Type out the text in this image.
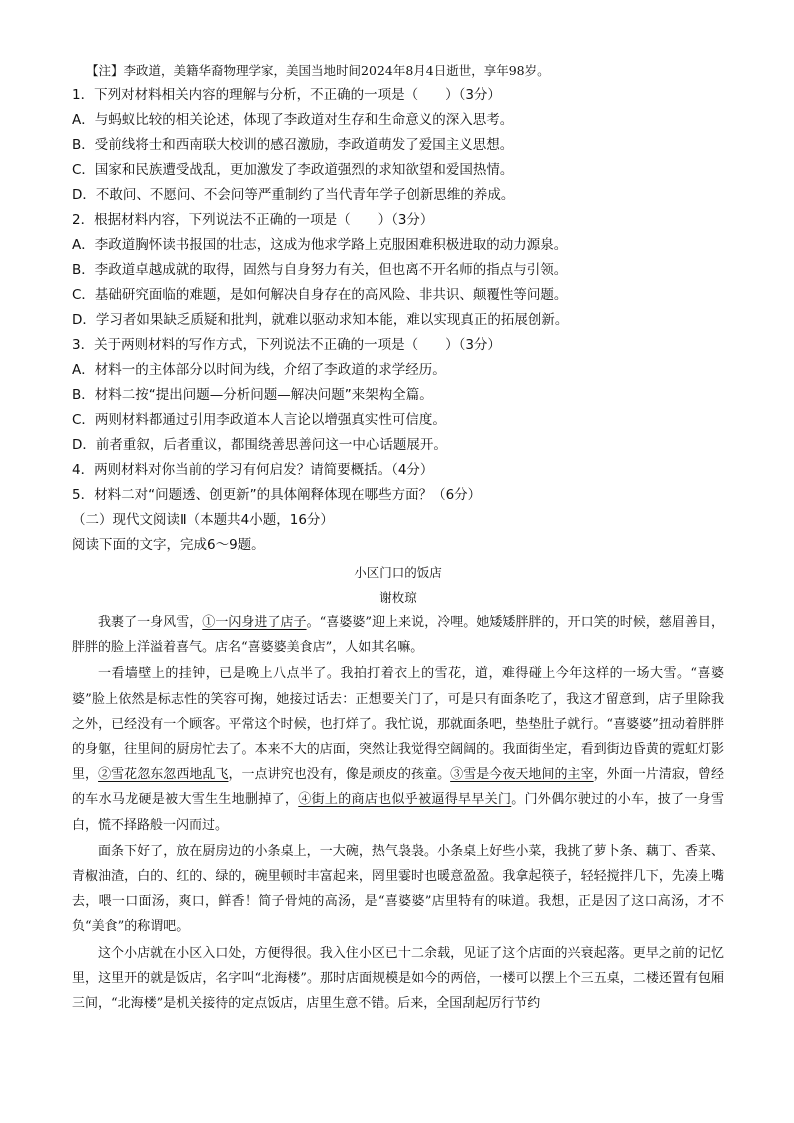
【注】李政道，美籍华裔物理学家，美国当地时间2024年8月4日逝世，享年98岁。
1．下列对材料相关内容的理解与分析，不正确的一项是（　　）（3分）
A．与蚂蚁比较的相关论述，体现了李政道对生存和生命意义的深入思考。
B．受前线将士和西南联大校训的感召激励，李政道萌发了爱国主义思想。
C．国家和民族遭受战乱，更加激发了李政道强烈的求知欲望和爱国热情。
D．不敢问、不愿问、不会问等严重制约了当代青年学子创新思维的养成。
2．根据材料内容，下列说法不正确的一项是（　　）（3分）
A．李政道胸怀读书报国的壮志，这成为他求学路上克服困难积极进取的动力源泉。
B．李政道卓越成就的取得，固然与自身努力有关，但也离不开名师的指点与引领。
C．基础研究面临的难题，是如何解决自身存在的高风险、非共识、颠覆性等问题。
D．学习者如果缺乏质疑和批判，就难以驱动求知本能，难以实现真正的拓展创新。
3．关于两则材料的写作方式，下列说法不正确的一项是（　　）（3分）
A．材料一的主体部分以时间为线，介绍了李政道的求学经历。
B．材料二按“提出问题—分析问题—解决问题”来架构全篇。
C．两则材料都通过引用李政道本人言论以增强真实性可信度。
D．前者重叙，后者重议，都围绕善思善问这一中心话题展开。
4．两则材料对你当前的学习有何启发？请简要概括。（4分）
5．材料二对“问题透、创更新”的具体阐释体现在哪些方面？（6分）
（二）现代文阅读Ⅱ（本题共4小题，16分）
阅读下面的文字，完成6～9题。
小区门口的饭店
谢枚琼

我裹了一身风雪，①一闪身进了店子。“喜婆婆”迎上来说，冷哩。她矮矮胖胖的，开口笑的时候，慈眉善目，胖胖的脸上洋溢着喜气。店名“喜婆婆美食店”，人如其名嘛。

一看墙壁上的挂钟，已是晚上八点半了。我拍打着衣上的雪花，道，难得碰上今年这样的一场大雪。“喜婆婆”脸上依然是标志性的笑容可掬，她接过话去：正想要关门了，可是只有面条吃了，我这才留意到，店子里除我之外，已经没有一个顾客。平常这个时候，也打烊了。我忙说，那就面条吧，垫垫肚子就行。“喜婆婆”扭动着胖胖的身躯，往里间的厨房忙去了。本来不大的店面，突然让我觉得空阔阔的。我面街坐定，看到街边昏黄的霓虹灯影里，②雪花忽东忽西地乱飞，一点讲究也没有，像是顽皮的孩童。③雪是今夜天地间的主宰，外面一片清寂，曾经的车水马龙硬是被大雪生生地删掉了，④街上的商店也似乎被逼得早早关门。门外偶尔驶过的小车，披了一身雪白，慌不择路般一闪而过。

面条下好了，放在厨房边的小条桌上，一大碗，热气袅袅。小条桌上好些小菜，我挑了萝卜条、藕丁、香菜、青椒油渣，白的、红的、绿的，碗里顿时丰富起来，罔里霎时也暖意盈盈。我拿起筷子，轻轻搅拌几下，先凑上嘴去，喂一口面汤，爽口，鲜香！简子骨炖的高汤，是“喜婆婆”店里特有的味道。我想，正是因了这口高汤，才不负“美食”的称谓吧。

这个小店就在小区入口处，方便得很。我入住小区已十二余载，见证了这个店面的兴衰起落。更早之前的记忆里，这里开的就是饭店，名字叫“北海楼”。那时店面规模是如今的两倍，一楼可以摆上个三五桌，二楼还置有包厢三间，“北海楼”是机关接待的定点饭店，店里生意不错。后来，全国刮起厉行节约
